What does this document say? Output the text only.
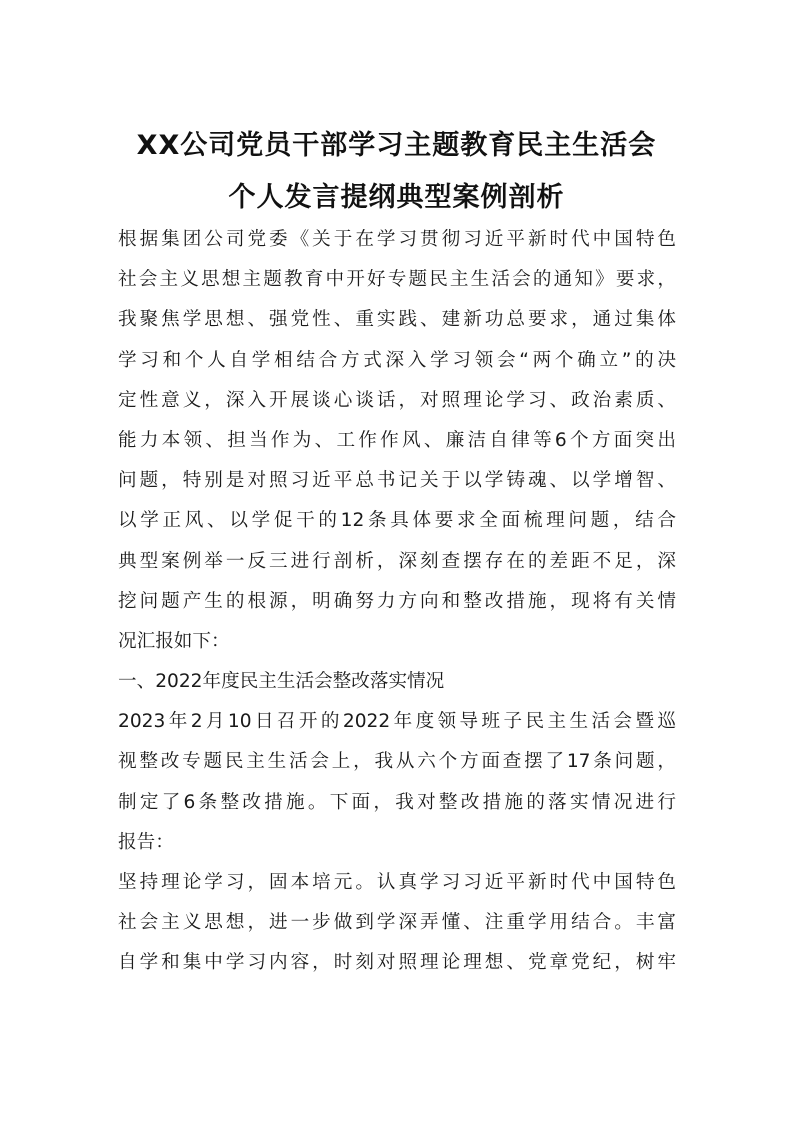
XX公司党员干部学习主题教育民主生活会
个人发言提纲典型案例剖析
根据集团公司党委《关于在学习贯彻习近平新时代中国特色
社会主义思想主题教育中开好专题民主生活会的通知》要求，
我聚焦学思想、强党性、重实践、建新功总要求，通过集体
学习和个人自学相结合方式深入学习领会“两个确立”的决
定性意义，深入开展谈心谈话，对照理论学习、政治素质、
能力本领、担当作为、工作作风、廉洁自律等6个方面突出
问题，特别是对照习近平总书记关于以学铸魂、以学增智、
以学正风、以学促干的12条具体要求全面梳理问题，结合
典型案例举一反三进行剖析，深刻查摆存在的差距不足，深
挖问题产生的根源，明确努力方向和整改措施，现将有关情
况汇报如下：
一、2022年度民主生活会整改落实情况
2023年2月10日召开的2022年度领导班子民主生活会暨巡
视整改专题民主生活会上，我从六个方面查摆了17条问题，
制定了6条整改措施。下面，我对整改措施的落实情况进行
报告：
坚持理论学习，固本培元。认真学习习近平新时代中国特色
社会主义思想，进一步做到学深弄懂、注重学用结合。丰富
自学和集中学习内容，时刻对照理论理想、党章党纪，树牢
